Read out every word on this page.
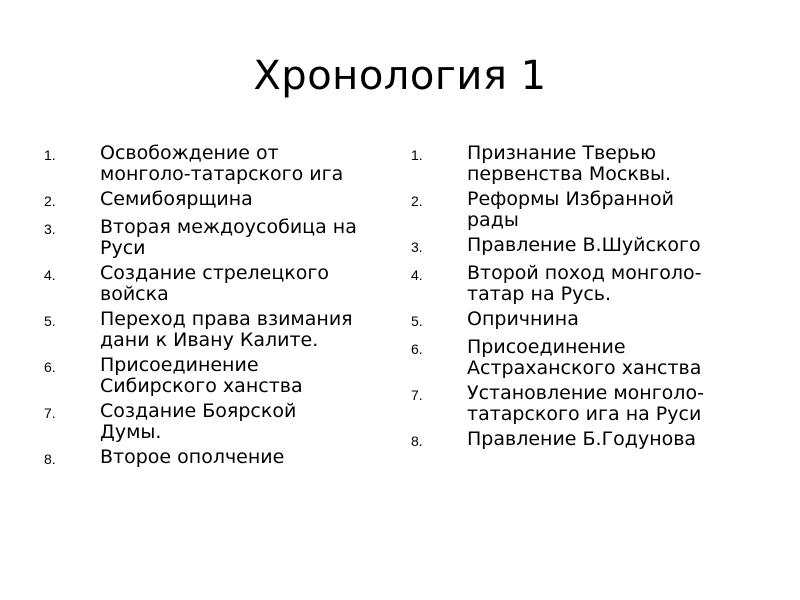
Хронология 1
1.	Освобождение от
монголо-татарского ига
2.	Семибоярщина
3.	Вторая междоусобица на
Руси
4.	Создание стрелецкого
войска
5.	Переход права взимания
дани к Ивану Калите.
6.	Присоединение
Сибирского ханства
7.	Создание Боярской
Думы.
8.	Второе ополчение
1.	Признание Тверью
первенства Москвы.
2.	Реформы Избранной
рады
3.	Правление В.Шуйского
4.	Второй поход монголо-
татар на Русь.
5.	Опричнина
6.	Присоединение
Астраханского ханства
7.	Установление монголо-
татарского ига на Руси
8.	Правление Б.Годунова
